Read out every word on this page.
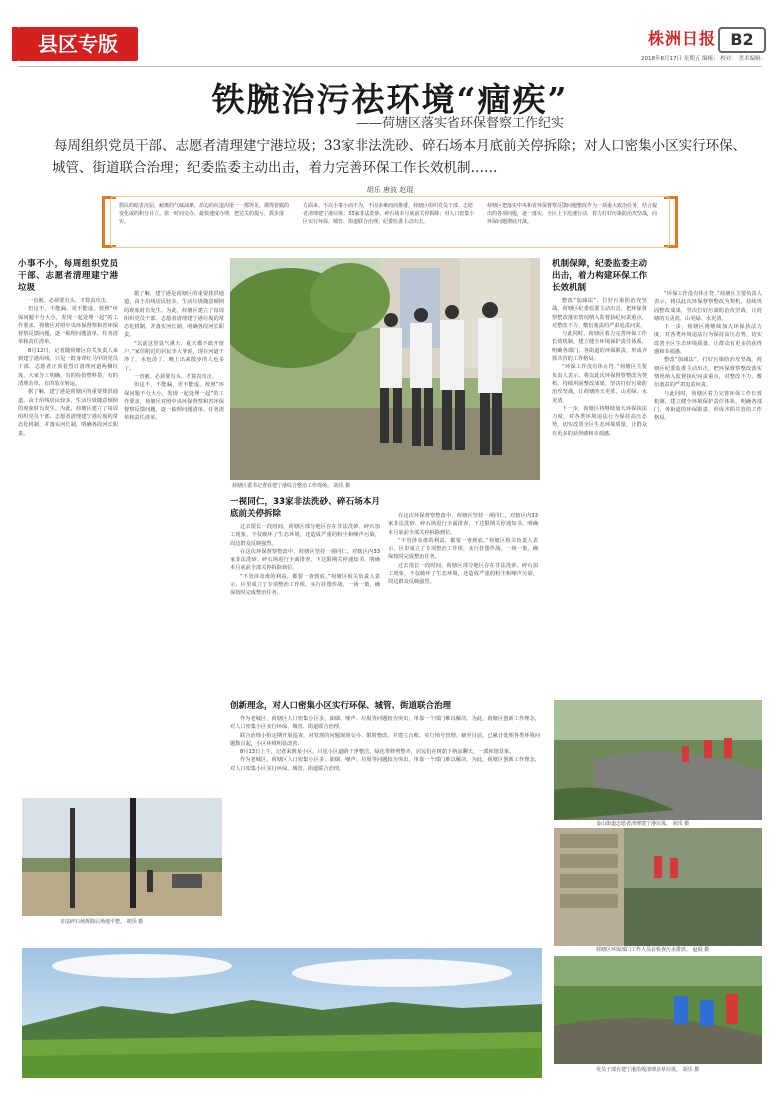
县区专版	株洲日报 B2
2018年8月17日 星期五 编辑： 校对： 美术编辑：
铁腕治污祛环境“痼疾”
——荷塘区落实省环保督察工作纪实
每周组织党员干部、志愿者清理建宁港垃圾；33家非法洗砂、碎石场本月底前关停拆除；对人口密集小区实行环保、城管、街道联合治理；纪委监委主动出击，着力完善环保工作长效机制……
胡乐 唐波 赵琨
抓民的暗害沉屈，耐奥的气味油条，昂边的坑道沟渠一一都得见，都得着腐的变化或的积分目立。第一时间交办，最快速度办理，把达关的提亏，抓步落实。
方面来。不以小事小而不为，不因多难而而推诿。荷塘区组织党员干部、志愿者清理建宁港垃圾；33家非法洗砂、碎石场本月底前关停拆除；对人口密集小区实行环保、城管、街道联合治理；纪委监委主动出击。
荷塘区把落实中央和省环保督察反馈问题整改作为一项重大政治任务，结合提出的各项问题，逐一落实，全区上下迅速行动，着力打好污染防治攻坚战，向环保问题彻底开战。
小事不小，每周组织党员干部、志愿者清理建宁港垃圾

一直被。必须要有头、才算真攻击。

但这不，不能漏，更不能虚。按照“环保问题不分大小，发现一起处理一起”的工作要求，荷塘区对照中央环保督察和省环保督察反馈问题，逐一梳理问题清单、任务清单和责任清单。

8月12日，记者随荷塘区有关负责人来到建宁港沿线，只见一群身穿红马甲的党员干部、志愿者正顶着烈日清理河道两侧垃圾，大家分工明确，有的捡拾塑料袋，有的清理杂草，有的装车转运。

据了解，建宁港是荷塘区的重要排洪通道，由于沿线居民较多，生活垃圾随意倾倒的现象时有发生。为此，荷塘区建立了每周组织党员干部、志愿者清理建宁港垃圾的常态化机制，并落实河长制，明确各段河长职责。

据了解，建宁港是荷塘区的重要排洪通道，由于沿线居民较多，生活垃圾随意倾倒的现象时有发生。为此，荷塘区建立了每周组织党员干部、志愿者清理建宁港垃圾的常态化机制，并落实河长制，明确各段河长职责。

“以前这里臭气熏天，夏天都不敢开窗户。”家住附近的居民李大爷说，现在河道干净了，水也清了，晚上出来散步的人也多了。

一直被。必须要有头、才算真攻击。

但这不，不能漏，更不能虚。按照“环保问题不分大小，发现一起处理一起”的工作要求，荷塘区对照中央环保督察和省环保督察反馈问题，逐一梳理问题清单、任务清单和责任清单。

荷塘区委书记查看建宁港综合整治工作现场。 胡乐 摄
一视同仁，33家非法洗砂、碎石场本月底前关停拆除

过去很长一段时间，荷塘区部分地区存在非法洗砂、碎石加工现象，不仅破坏了生态环境，还造成严重的粉尘和噪声污染，周边群众反映强烈。

在这次环保督察整改中，荷塘区坚持一视同仁，对辖区内33家非法洗砂、碎石场进行全面排查，下达限期关停通知书，明确本月底前全部关停拆除到位。

“不管涉及谁的利益，都要一查到底。”荷塘区相关负责人表示，区里成立了专项整治工作组，实行挂图作战，一场一策，确保按时完成整治任务。

在这次环保督察整改中，荷塘区坚持一视同仁，对辖区内33家非法洗砂、碎石场进行全面排查，下达限期关停通知书，明确本月底前全部关停拆除到位。

“不管涉及谁的利益，都要一查到底。”荷塘区相关负责人表示，区里成立了专项整治工作组，实行挂图作战，一场一策，确保按时完成整治任务。

过去很长一段时间，荷塘区部分地区存在非法洗砂、碎石加工现象，不仅破坏了生态环境，还造成严重的粉尘和噪声污染，周边群众反映强烈。

创新理念，对人口密集小区实行环保、城管、街道联合治理

作为老城区，荷塘区人口密集小区多，油烟、噪声、垃圾等问题较为突出，单靠一个部门难以解决。为此，荷塘区创新工作理念，对人口密集小区实行环保、城管、街道联合治理。

联合治理小组定期开展巡查，对发现的问题现场交办、限时整改，并建立台账，实行销号管理。截至目前，已累计处理各类环境问题数百起，小区环境明显改善。

8月13日上午，记者来到某小区，只见小区道路干净整洁，绿化带修剪整齐，居民们在树荫下纳凉聊天，一派和谐景象。

作为老城区，荷塘区人口密集小区多，油烟、噪声、垃圾等问题较为突出，单靠一个部门难以解决。为此，荷塘区创新工作理念，对人口密集小区实行环保、城管、街道联合治理。

机制保障，纪委监委主动出击，着力构建环保工作长效机制

整改“加减法”，打好污染防治攻坚战。荷塘区纪委监委主动出击，把环保督察整改落实情况纳入监督执纪问责重点，对整改不力、敷衍塞责的严肃追责问责。

与此同时，荷塘区着力完善环保工作长效机制，建立健全环境保护责任体系，明确各部门、各街道的环保职责，形成齐抓共管的工作格局。

“环保工作没有休止符。”荷塘区主要负责人表示，将以此次环保督察整改为契机，持续巩固整改成果，坚决打好污染防治攻坚战，让荷塘的天更蓝、山更绿、水更清。

下一步，荷塘区将继续加大环保执法力度，对各类环境违法行为保持高压态势，切实改善全区生态环境质量，让群众有更多的获得感和幸福感。

“环保工作没有休止符。”荷塘区主要负责人表示，将以此次环保督察整改为契机，持续巩固整改成果，坚决打好污染防治攻坚战，让荷塘的天更蓝、山更绿、水更清。

下一步，荷塘区将继续加大环保执法力度，对各类环境违法行为保持高压态势，切实改善全区生态环境质量，让群众有更多的获得感和幸福感。

整改“加减法”，打好污染防治攻坚战。荷塘区纪委监委主动出击，把环保督察整改落实情况纳入监督执纪问责重点，对整改不力、敷衍塞责的严肃追责问责。

与此同时，荷塘区着力完善环保工作长效机制，建立健全环境保护责任体系，明确各部门、各街道的环保职责，形成齐抓共管的工作格局。

非法碎石场拆除后场地平整。 胡乐 摄
金山街道志愿者清理建宁港垃圾。 胡乐 摄
荷塘区环保部门工作人员在检查污水排放。 赵琨 摄
党员干部在建宁港沿线清理杂草垃圾。 胡乐 摄
